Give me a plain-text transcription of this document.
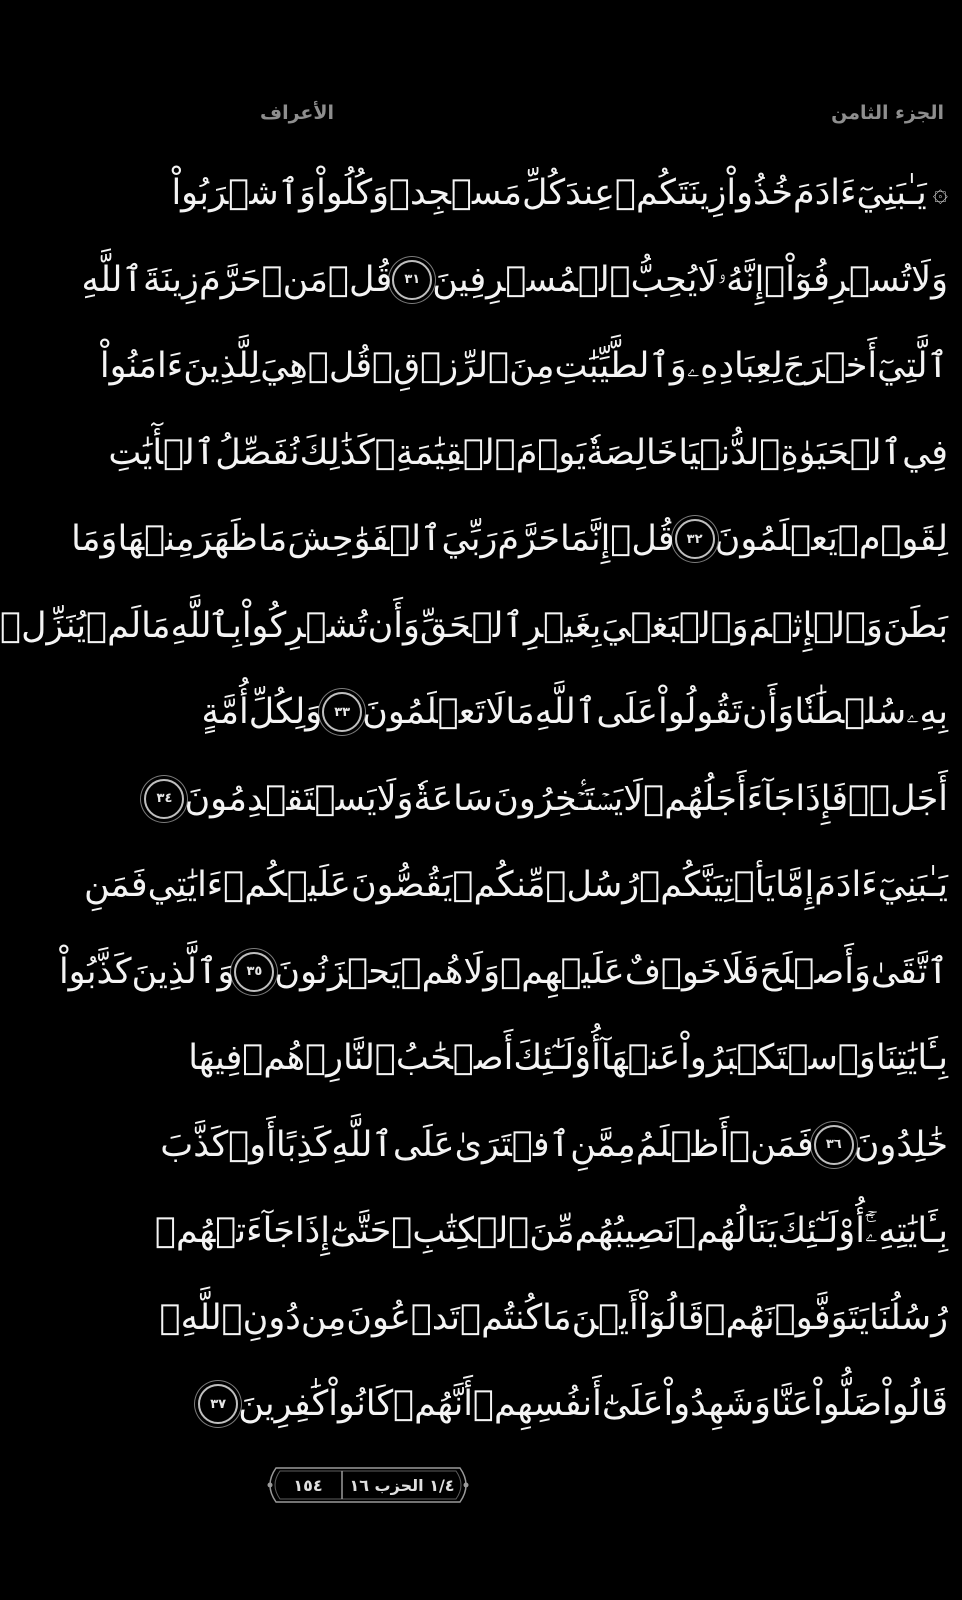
الجزء الثامن
الأعراف
۞
يَـٰبَنِيٓ
ءَادَمَ
خُذُواْ
زِينَتَكُمۡ
عِندَ
كُلِّ
مَسۡجِدٖ
وَكُلُواْ
وَٱشۡرَبُواْ
وَلَا
تُسۡرِفُوٓاْۚ
إِنَّهُۥ
لَا
يُحِبُّ
ٱلۡمُسۡرِفِينَ
٣١
قُلۡ
مَنۡ
حَرَّمَ
زِينَةَ
ٱللَّهِ
ٱلَّتِيٓ
أَخۡرَجَ
لِعِبَادِهِۦ
وَٱلطَّيِّبَٰتِ
مِنَ
ٱلرِّزۡقِۚ
قُلۡ
هِيَ
لِلَّذِينَ
ءَامَنُواْ
فِي
ٱلۡحَيَوٰةِ
ٱلدُّنۡيَا
خَالِصَةٗ
يَوۡمَ
ٱلۡقِيَٰمَةِۗ
كَذَٰلِكَ
نُفَصِّلُ
ٱلۡأٓيَٰتِ
لِقَوۡمٖ
يَعۡلَمُونَ
٣٢
قُلۡ
إِنَّمَا
حَرَّمَ
رَبِّيَ
ٱلۡفَوَٰحِشَ
مَا
ظَهَرَ
مِنۡهَا
وَمَا
بَطَنَ
وَٱلۡإِثۡمَ
وَٱلۡبَغۡيَ
بِغَيۡرِ
ٱلۡحَقِّ
وَأَن
تُشۡرِكُواْ
بِٱللَّهِ
مَا
لَمۡ
يُنَزِّلۡ
بِهِۦ
سُلۡطَٰنٗا
وَأَن
تَقُولُواْ
عَلَى
ٱللَّهِ
مَا
لَا
تَعۡلَمُونَ
٣٣
وَلِكُلِّ
أُمَّةٍ
أَجَلٞۖ
فَإِذَا
جَآءَ
أَجَلُهُمۡ
لَا
يَسۡتَـٔۡخِرُونَ
سَاعَةٗ
وَلَا
يَسۡتَقۡدِمُونَ
٣٤
يَـٰبَنِيٓ
ءَادَمَ
إِمَّا
يَأۡتِيَنَّكُمۡ
رُسُلٞ
مِّنكُمۡ
يَقُصُّونَ
عَلَيۡكُمۡ
ءَايَٰتِي
فَمَنِ
ٱتَّقَىٰ
وَأَصۡلَحَ
فَلَا
خَوۡفٌ
عَلَيۡهِمۡ
وَلَا
هُمۡ
يَحۡزَنُونَ
٣٥
وَٱلَّذِينَ
كَذَّبُواْ
بِـَٔايَٰتِنَا
وَٱسۡتَكۡبَرُواْ
عَنۡهَآ
أُوْلَـٰٓئِكَ
أَصۡحَٰبُ
ٱلنَّارِۖ
هُمۡ
فِيهَا
خَٰلِدُونَ
٣٦
فَمَنۡ
أَظۡلَمُ
مِمَّنِ
ٱفۡتَرَىٰ
عَلَى
ٱللَّهِ
كَذِبًا
أَوۡ
كَذَّبَ
بِـَٔايَٰتِهِۦٓۚ
أُوْلَـٰٓئِكَ
يَنَالُهُمۡ
نَصِيبُهُم
مِّنَ
ٱلۡكِتَٰبِۖ
حَتَّىٰٓ
إِذَا
جَآءَتۡهُمۡ
رُسُلُنَا
يَتَوَفَّوۡنَهُمۡ
قَالُوٓاْ
أَيۡنَ
مَا
كُنتُمۡ
تَدۡعُونَ
مِن
دُونِ
ٱللَّهِۖ
قَالُواْ
ضَلُّواْ
عَنَّا
وَشَهِدُواْ
عَلَىٰٓ
أَنفُسِهِمۡ
أَنَّهُمۡ
كَانُواْ
كَٰفِرِينَ
٣٧
١/٤ الحزب ١٦
١٥٤
